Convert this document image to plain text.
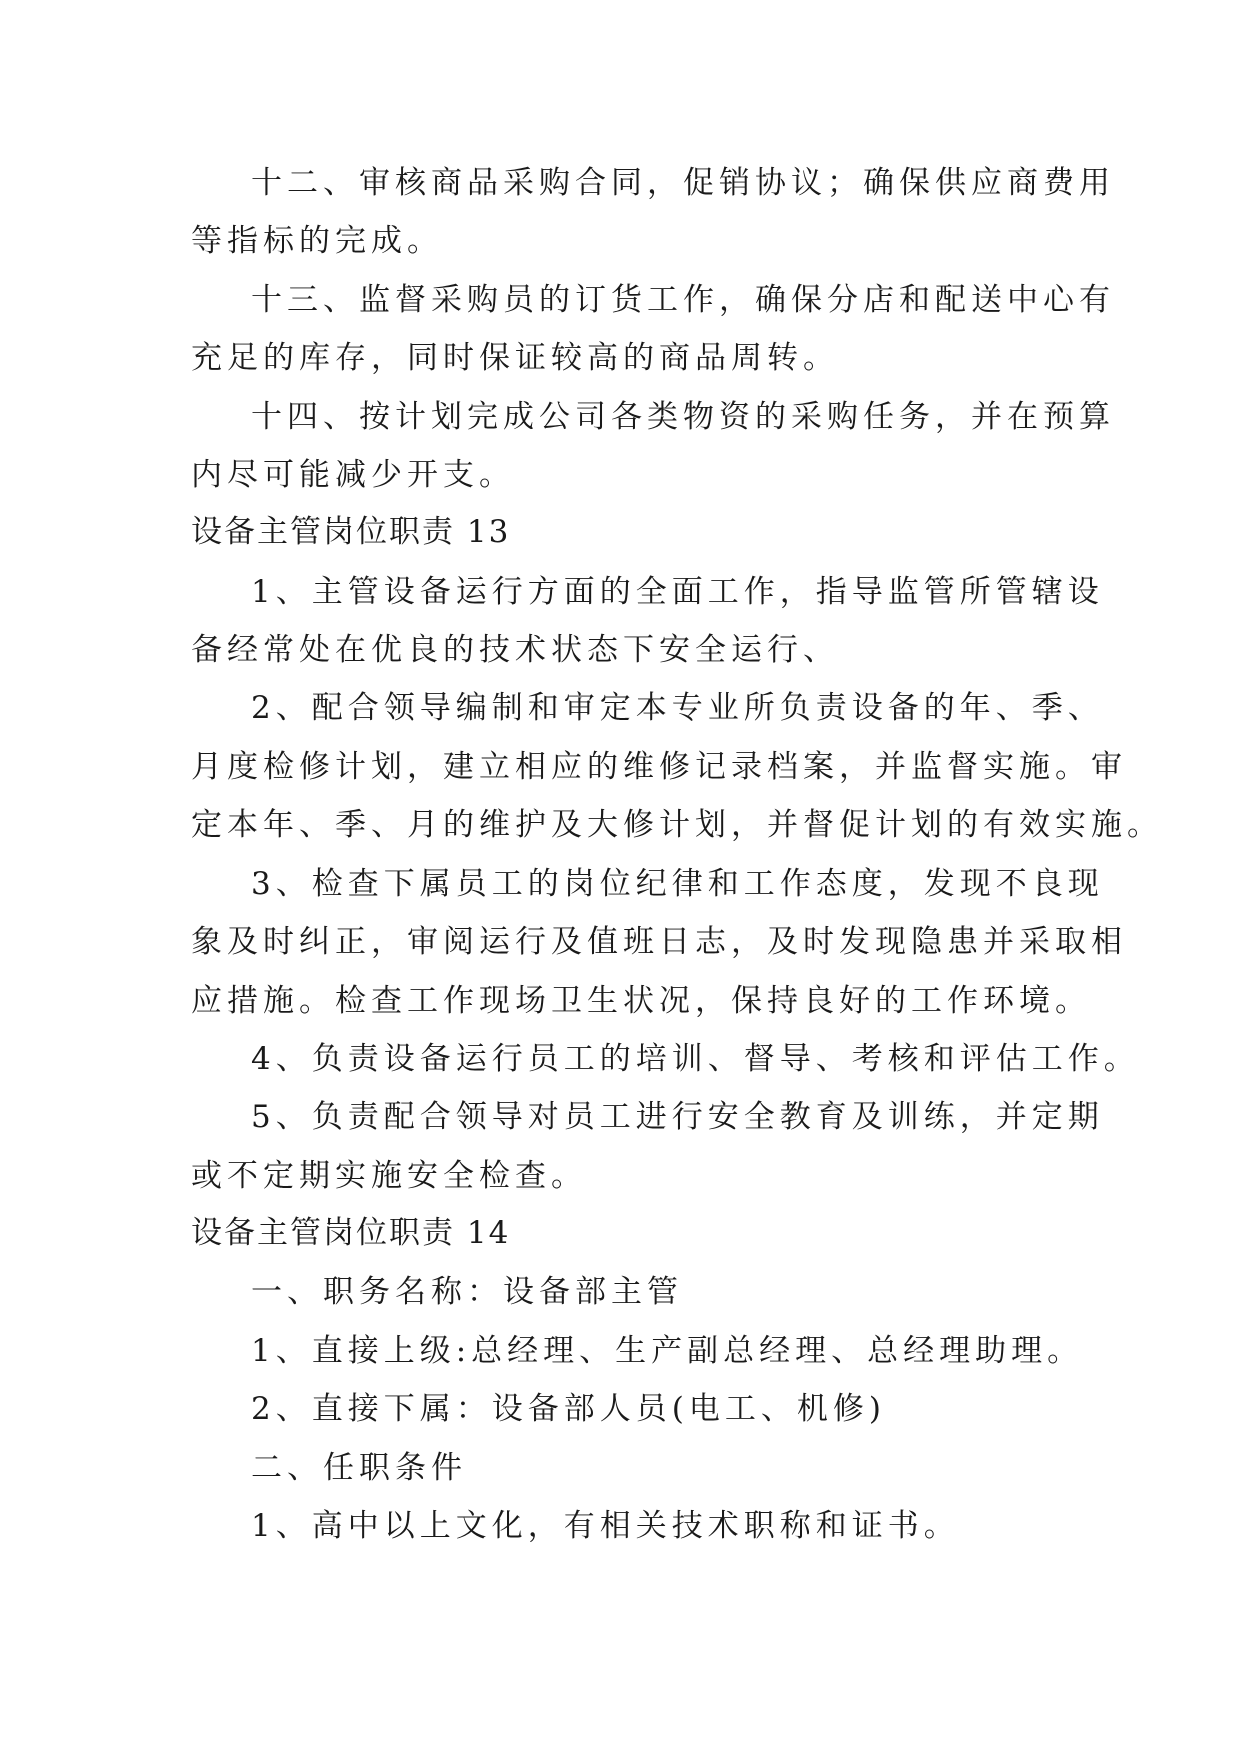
十二、审核商品采购合同，促销协议；确保供应商费用
等指标的完成。
十三、监督采购员的订货工作，确保分店和配送中心有
充足的库存，同时保证较高的商品周转。
十四、按计划完成公司各类物资的采购任务，并在预算
内尽可能减少开支。
设备主管岗位职责 13
1、主管设备运行方面的全面工作，指导监管所管辖设
备经常处在优良的技术状态下安全运行、
2、配合领导编制和审定本专业所负责设备的年、季、
月度检修计划，建立相应的维修记录档案，并监督实施。审
定本年、季、月的维护及大修计划，并督促计划的有效实施。
3、检查下属员工的岗位纪律和工作态度，发现不良现
象及时纠正，审阅运行及值班日志，及时发现隐患并采取相
应措施。检查工作现场卫生状况，保持良好的工作环境。
4、负责设备运行员工的培训、督导、考核和评估工作。
5、负责配合领导对员工进行安全教育及训练，并定期
或不定期实施安全检查。
设备主管岗位职责 14
一、职务名称：设备部主管
1、直接上级:总经理、生产副总经理、总经理助理。
2、直接下属：设备部人员(电工、机修)
二、任职条件
1、高中以上文化，有相关技术职称和证书。
